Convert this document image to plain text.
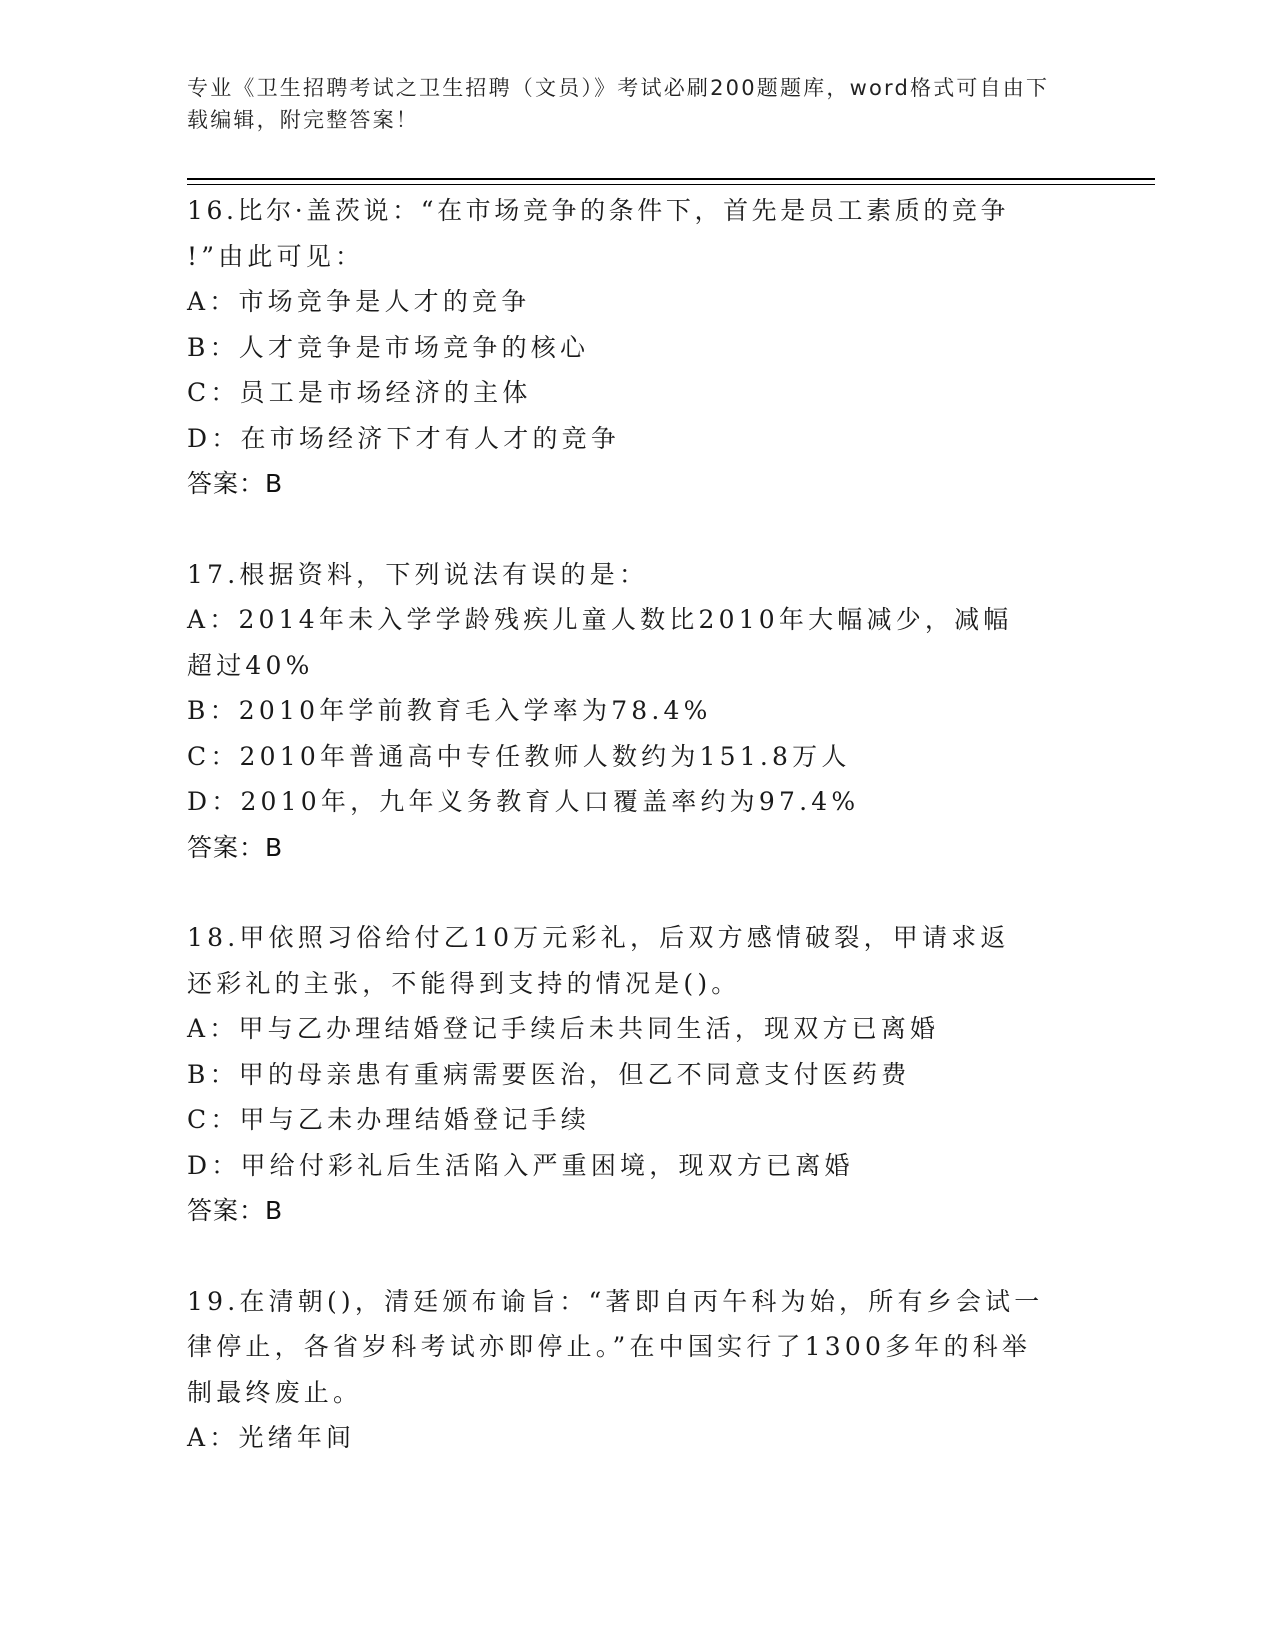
专业《卫生招聘考试之卫生招聘（文员）》考试必刷200题题库，word格式可自由下载编辑，附完整答案！
16.比尔·盖茨说：“在市场竞争的条件下，首先是员工素质的竞争
!”由此可见：
A：市场竞争是人才的竞争
B：人才竞争是市场竞争的核心
C：员工是市场经济的主体
D：在市场经济下才有人才的竞争
答案：B
17.根据资料，下列说法有误的是：
A：2014年未入学学龄残疾儿童人数比2010年大幅减少，减幅超过40%
B：2010年学前教育毛入学率为78.4%
C：2010年普通高中专任教师人数约为151.8万人
D：2010年，九年义务教育人口覆盖率约为97.4%
答案：B
18.甲依照习俗给付乙10万元彩礼，后双方感情破裂，甲请求返还彩礼的主张，不能得到支持的情况是()。
A：甲与乙办理结婚登记手续后未共同生活，现双方已离婚
B：甲的母亲患有重病需要医治，但乙不同意支付医药费
C：甲与乙未办理结婚登记手续
D：甲给付彩礼后生活陷入严重困境，现双方已离婚
答案：B
19.在清朝()，清廷颁布谕旨：“著即自丙午科为始，所有乡会试一律停止，各省岁科考试亦即停止。”在中国实行了1300多年的科举制最终废止。
A：光绪年间
